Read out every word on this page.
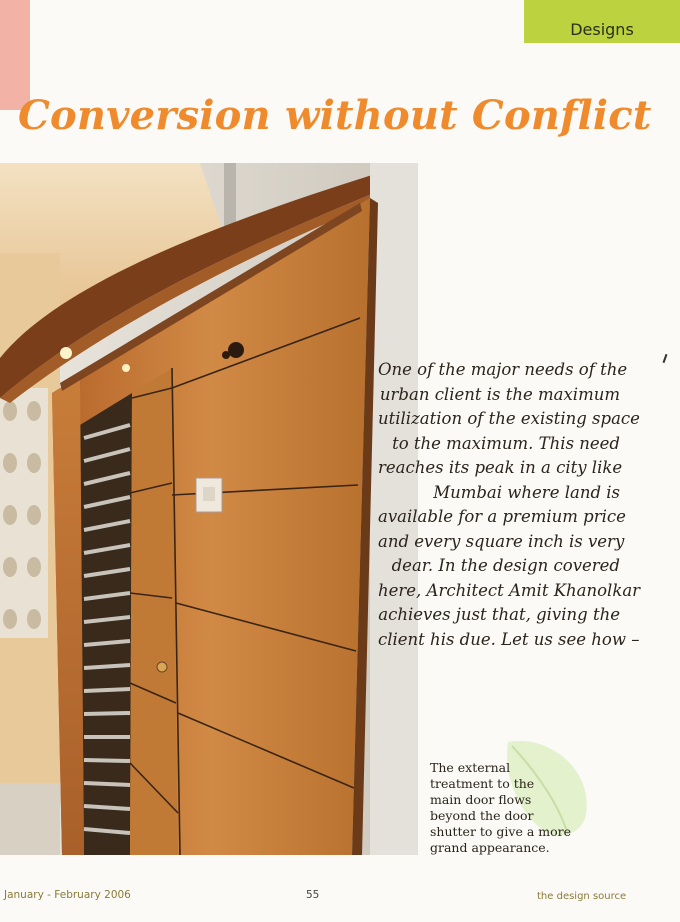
Designs
Conversion without Conflict
One of the major needs of the
urban client is the maximum
utilization of the existing space
to the maximum. This need
reaches its peak in a city like
Mumbai where land is
available for a premium price
and every square inch is very
dear. In the design covered
here, Architect Amit Khanolkar
achieves just that, giving the
client his due. Let us see how –
The external
treatment to the
main door flows
beyond the door
shutter to give a more
grand appearance.
January - February 2006	55	the design source
